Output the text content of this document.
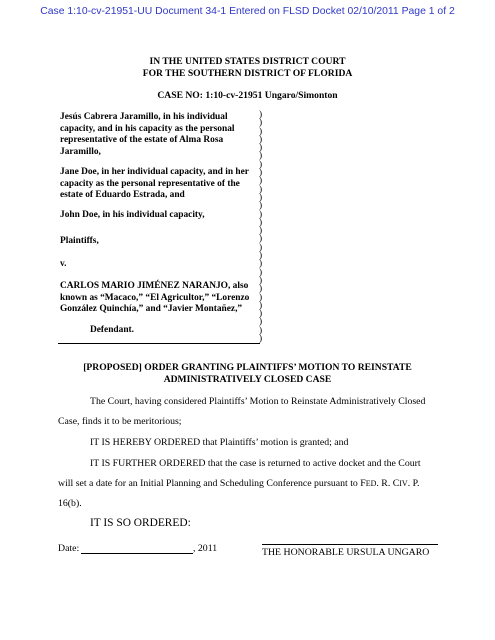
Case 1:10-cv-21951-UU Document 34-1 Entered on FLSD Docket 02/10/2011 Page 1 of 2
IN THE UNITED STATES DISTRICT COURT
FOR THE SOUTHERN DISTRICT OF FLORIDA
CASE NO: 1:10-cv-21951 Ungaro/Simonton
Jesús Cabrera Jaramillo, in his individual
capacity, and in his capacity as the personal
representative of the estate of Alma Rosa
Jaramillo,
Jane Doe, in her individual capacity, and in her
capacity as the personal representative of the
estate of Eduardo Estrada, and
John Doe, in his individual capacity,
Plaintiffs,
v.
CARLOS MARIO JIMÉNEZ NARANJO, also
known as “Macaco,” “El Agricultor,” “Lorenzo
González Quinchía,” and “Javier Montañez,”
Defendant.
)
)
)
)
)
)
)
)
)
)
)
)
)
)
)
)
)
)
)
)
)
)
)
)
)
)
)
)
[PROPOSED] ORDER GRANTING PLAINTIFFS’ MOTION TO REINSTATE
ADMINISTRATIVELY CLOSED CASE
The Court, having considered Plaintiffs’ Motion to Reinstate Administratively Closed
Case, finds it to be meritorious;
IT IS HEREBY ORDERED that Plaintiffs’ motion is granted; and
IT IS FURTHER ORDERED that the case is returned to active docket and the Court
will set a date for an Initial Planning and Scheduling Conference pursuant to FED. R. CIV. P.
16(b).
IT IS SO ORDERED:
Date:	, 2011	THE HONORABLE URSULA UNGARO
